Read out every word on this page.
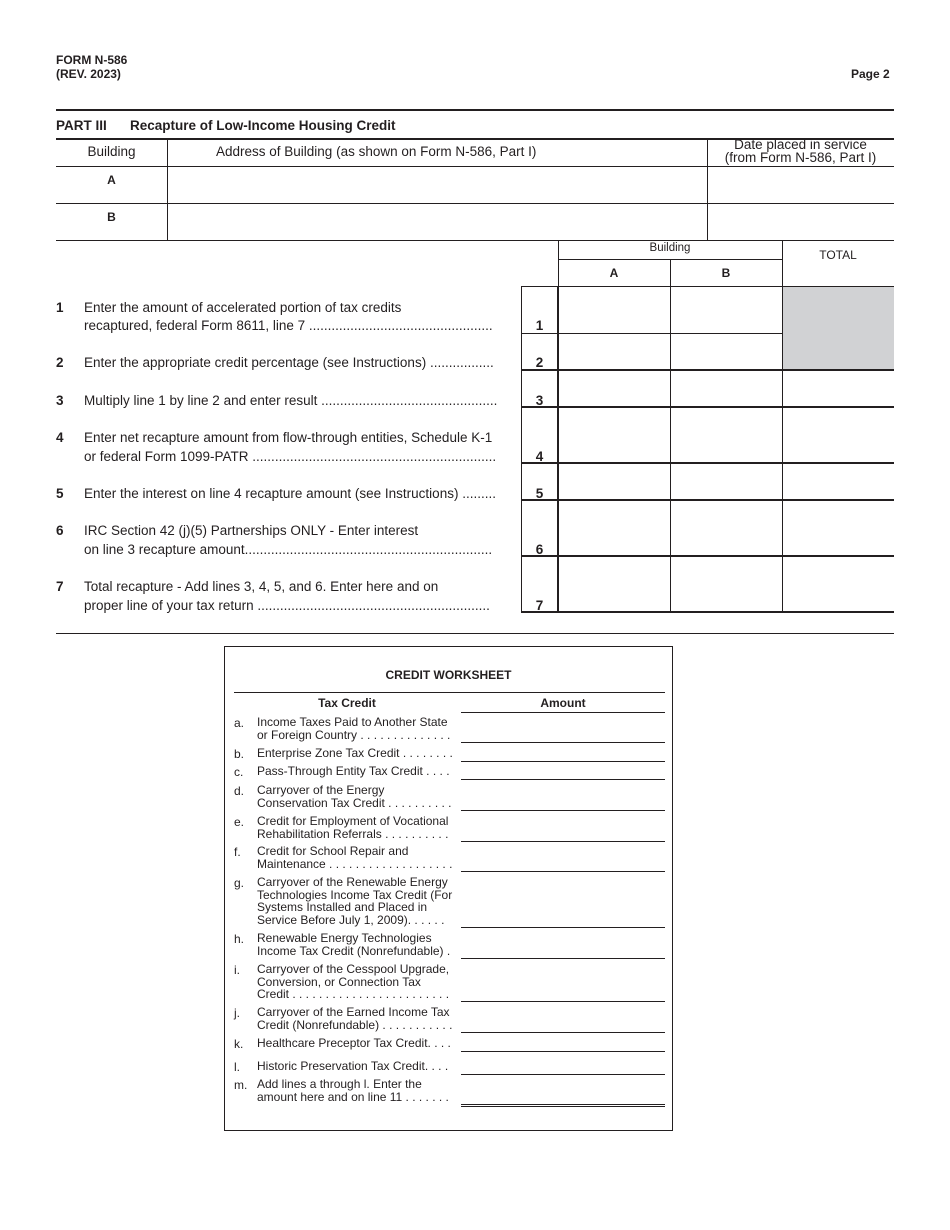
FORM N-586
(REV. 2023)	Page 2
PART III Recapture of Low-Income Housing Credit
Building	Address of Building (as shown on Form N-586, Part I)	Date placed in service
(from Form N-586, Part I)
A
B
Building
A	B
TOTAL
1 Enter the amount of accelerated portion of tax credits
recaptured, federal Form 8611, line 7 .................................................	1
2 Enter the appropriate credit percentage (see Instructions) .................	2
3 Multiply line 1 by line 2 and enter result ...............................................	3
4 Enter net recapture amount from flow-through entities, Schedule K-1
or federal Form 1099-PATR .................................................................	4
5 Enter the interest on line 4 recapture amount (see Instructions) .........	5
6 IRC Section 42 (j)(5) Partnerships ONLY - Enter interest
on line 3 recapture amount..................................................................	6
7 Total recapture - Add lines 3, 4, 5, and 6. Enter here and on
proper line of your tax return ..............................................................	7
CREDIT WORKSHEET
Tax Credit	Amount
a. Income Taxes Paid to Another State
or Foreign Country . . . . . . . . . . . . . .
b. Enterprise Zone Tax Credit . . . . . . . .
c. Pass-Through Entity Tax Credit . . . .
d. Carryover of the Energy
Conservation Tax Credit . . . . . . . . . .
e. Credit for Employment of Vocational
Rehabilitation Referrals . . . . . . . . . .
f. Credit for School Repair and
Maintenance . . . . . . . . . . . . . . . . . . .
g. Carryover of the Renewable Energy
Technologies Income Tax Credit (For
Systems Installed and Placed in
Service Before July 1, 2009). . . . . .
h. Renewable Energy Technologies
Income Tax Credit (Nonrefundable) .
i. Carryover of the Cesspool Upgrade,
Conversion, or Connection Tax
Credit . . . . . . . . . . . . . . . . . . . . . . . .
j. Carryover of the Earned Income Tax
Credit (Nonrefundable) . . . . . . . . . . .
k. Healthcare Preceptor Tax Credit. . . .
l. Historic Preservation Tax Credit. . . .
m. Add lines a through l. Enter the
amount here and on line 11 . . . . . . .
